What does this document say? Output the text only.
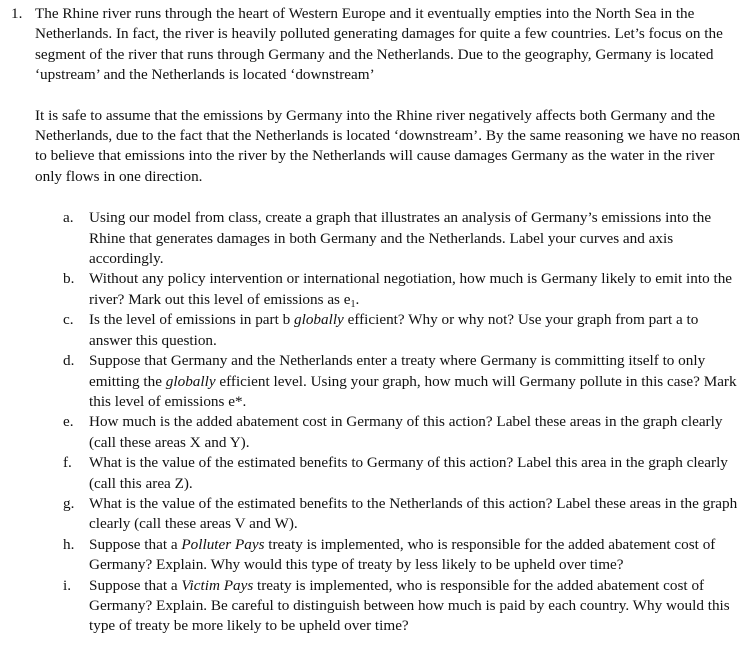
1. The Rhine river runs through the heart of Western Europe and it eventually empties into the North Sea in the Netherlands. In fact, the river is heavily polluted generating damages for quite a few countries. Let’s focus on the segment of the river that runs through Germany and the Netherlands. Due to the geography, Germany is located ‘upstream’ and the Netherlands is located ‘downstream’

It is safe to assume that the emissions by Germany into the Rhine river negatively affects both Germany and the Netherlands, due to the fact that the Netherlands is located ‘downstream’. By the same reasoning we have no reason to believe that emissions into the river by the Netherlands will cause damages Germany as the water in the river only flows in one direction.

a. Using our model from class, create a graph that illustrates an analysis of Germany’s emissions into the Rhine that generates damages in both Germany and the Netherlands. Label your curves and axis accordingly.
b. Without any policy intervention or international negotiation, how much is Germany likely to emit into the river? Mark out this level of emissions as $e_1$.
c. Is the level of emissions in part b globally efficient? Why or why not? Use your graph from part a to answer this question.
d. Suppose that Germany and the Netherlands enter a treaty where Germany is committing itself to only emitting the globally efficient level. Using your graph, how much will Germany pollute in this case? Mark this level of emissions e*.
e. How much is the added abatement cost in Germany of this action? Label these areas in the graph clearly (call these areas X and Y).
f. What is the value of the estimated benefits to Germany of this action? Label this area in the graph clearly (call this area Z).
g. What is the value of the estimated benefits to the Netherlands of this action? Label these areas in the graph clearly (call these areas V and W).
h. Suppose that a Polluter Pays treaty is implemented, who is responsible for the added abatement cost of Germany? Explain. Why would this type of treaty by less likely to be upheld over time?
i. Suppose that a Victim Pays treaty is implemented, who is responsible for the added abatement cost of Germany? Explain. Be careful to distinguish between how much is paid by each country. Why would this type of treaty be more likely to be upheld over time?
